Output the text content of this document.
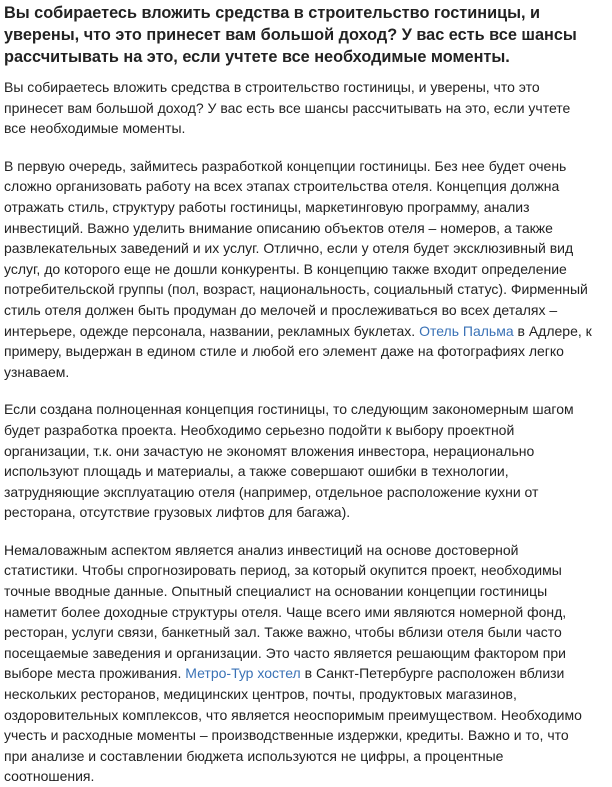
Вы собираетесь вложить средства в строительство гостиницы, и
уверены, что это принесет вам большой доход? У вас есть все шансы
рассчитывать на это, если учтете все необходимые моменты.

Вы собираетесь вложить средства в строительство гостиницы, и уверены, что это
принесет вам большой доход? У вас есть все шансы рассчитывать на это, если учтете
все необходимые моменты.

В первую очередь, займитесь разработкой концепции гостиницы. Без нее будет очень
сложно организовать работу на всех этапах строительства отеля. Концепция должна
отражать стиль, структуру работы гостиницы, маркетинговую программу, анализ
инвестиций. Важно уделить внимание описанию объектов отеля – номеров, а также
развлекательных заведений и их услуг. Отлично, если у отеля будет эксклюзивный вид
услуг, до которого еще не дошли конкуренты. В концепцию также входит определение
потребительской группы (пол, возраст, национальность, социальный статус). Фирменный
стиль отеля должен быть продуман до мелочей и прослеживаться во всех деталях –
интерьере, одежде персонала, названии, рекламных буклетах. Отель Пальма в Адлере, к
примеру, выдержан в едином стиле и любой его элемент даже на фотографиях легко
узнаваем.

Если создана полноценная концепция гостиницы, то следующим закономерным шагом
будет разработка проекта. Необходимо серьезно подойти к выбору проектной
организации, т.к. они зачастую не экономят вложения инвестора, нерационально
используют площадь и материалы, а также совершают ошибки в технологии,
затрудняющие эксплуатацию отеля (например, отдельное расположение кухни от
ресторана, отсутствие грузовых лифтов для багажа).

Немаловажным аспектом является анализ инвестиций на основе достоверной
статистики. Чтобы спрогнозировать период, за который окупится проект, необходимы
точные вводные данные. Опытный специалист на основании концепции гостиницы
наметит более доходные структуры отеля. Чаще всего ими являются номерной фонд,
ресторан, услуги связи, банкетный зал. Также важно, чтобы вблизи отеля были часто
посещаемые заведения и организации. Это часто является решающим фактором при
выборе места проживания. Метро-Тур хостел в Санкт-Петербурге расположен вблизи
нескольких ресторанов, медицинских центров, почты, продуктовых магазинов,
оздоровительных комплексов, что является неоспоримым преимуществом. Необходимо
учесть и расходные моменты – производственные издержки, кредиты. Важно и то, что
при анализе и составлении бюджета используются не цифры, а процентные
соотношения.
